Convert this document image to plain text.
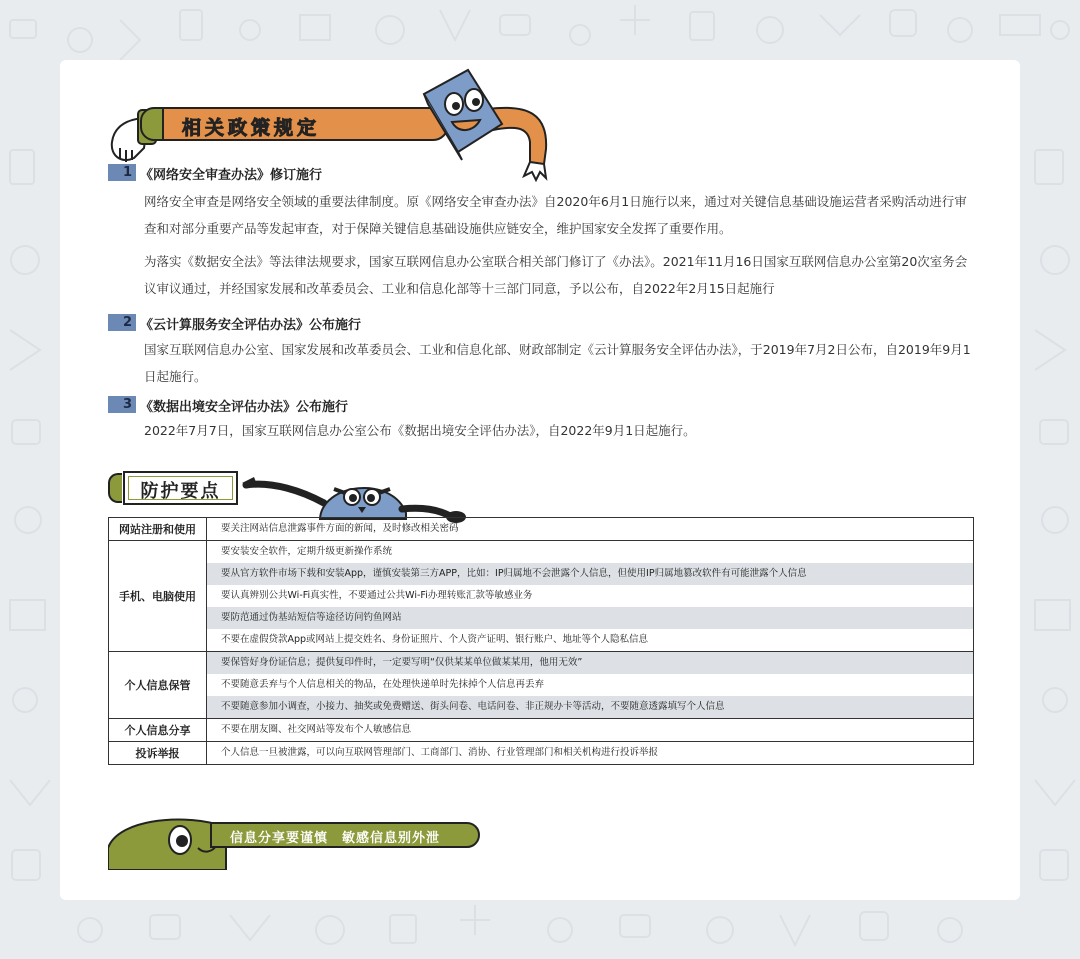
相关政策规定
1 《网络安全审查办法》修订施行
网络安全审查是网络安全领域的重要法律制度。原《网络安全审查办法》自2020年6月1日施行以来，通过对关键信息基础设施运营者采购活动进行审查和对部分重要产品等发起审查，对于保障关键信息基础设施供应链安全，维护国家安全发挥了重要作用。
为落实《数据安全法》等法律法规要求，国家互联网信息办公室联合相关部门修订了《办法》。2021年11月16日国家互联网信息办公室第20次室务会议审议通过，并经国家发展和改革委员会、工业和信息化部等十三部门同意，予以公布，自2022年2月15日起施行
2 《云计算服务安全评估办法》公布施行
国家互联网信息办公室、国家发展和改革委员会、工业和信息化部、财政部制定《云计算服务安全评估办法》，于2019年7月2日公布，自2019年9月1日起施行。
3 《数据出境安全评估办法》公布施行
2022年7月7日，国家互联网信息办公室公布《数据出境安全评估办法》，自2022年9月1日起施行。
防护要点
网站注册和使用	要关注网站信息泄露事件方面的新闻，及时修改相关密码

手机、电脑使用	要安装安全软件，定期升级更新操作系统
要从官方软件市场下载和安装App，谨慎安装第三方APP，比如：IP归属地不会泄露个人信息，但使用IP归属地篡改软件有可能泄露个人信息
要认真辨别公共Wi-Fi真实性，不要通过公共Wi-Fi办理转账汇款等敏感业务
要防范通过伪基站短信等途径访问钓鱼网站
不要在虚假贷款App或网站上提交姓名、身份证照片、个人资产证明、银行账户、地址等个人隐私信息

个人信息保管	要保管好身份证信息；提供复印件时，一定要写明“仅供某某单位做某某用，他用无效”
不要随意丢弃与个人信息相关的物品，在处理快递单时先抹掉个人信息再丢弃
不要随意参加小调查，小接力、抽奖或免费赠送、街头问卷、电话问卷、非正规办卡等活动，不要随意透露填写个人信息

个人信息分享	不要在朋友圈、社交网站等发布个人敏感信息

投诉举报	个人信息一旦被泄露，可以向互联网管理部门、工商部门、消协、行业管理部门和相关机构进行投诉举报
信息分享要谨慎　敏感信息别外泄
